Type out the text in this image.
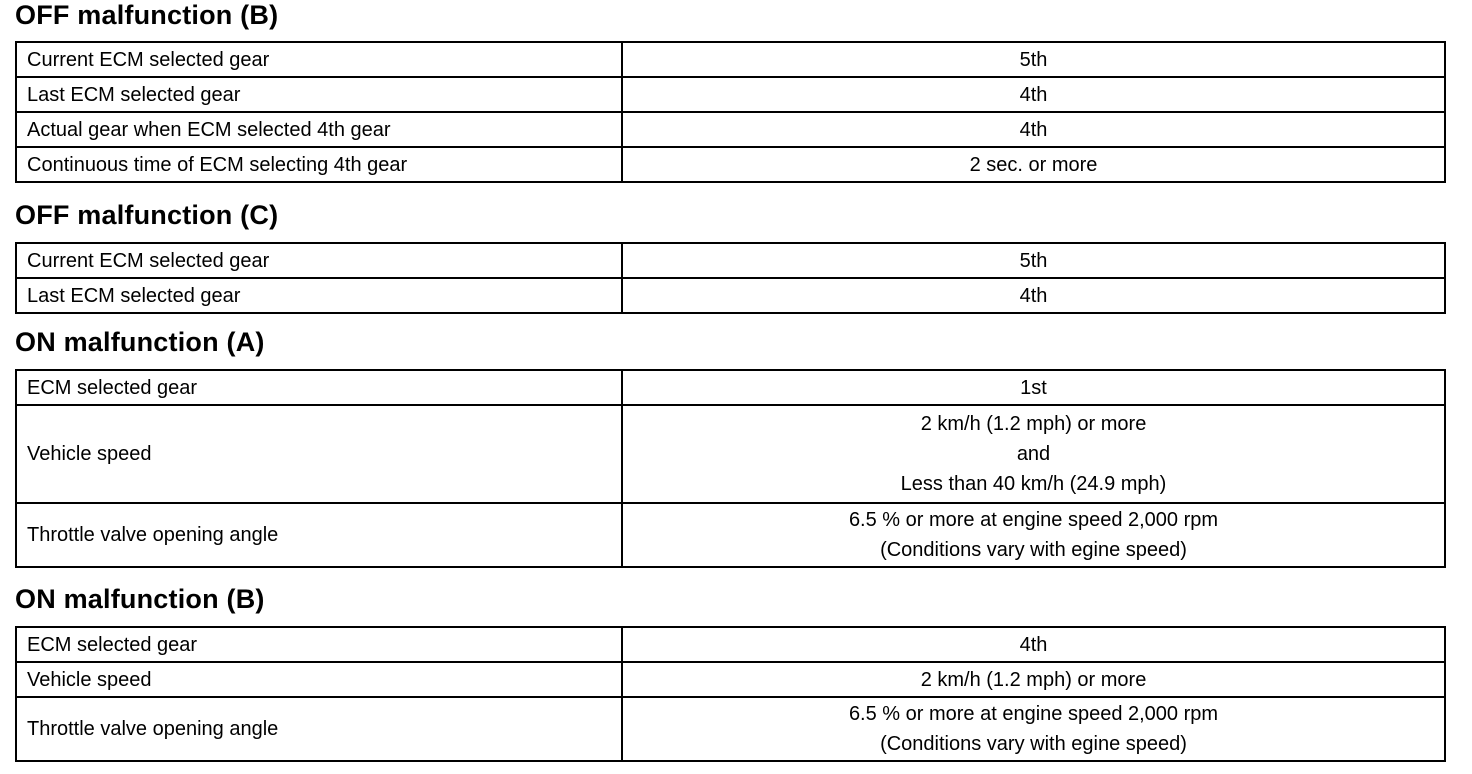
OFF malfunction (B)
Current ECM selected gear	5th

Last ECM selected gear	4th

Actual gear when ECM selected 4th gear	4th

Continuous time of ECM selecting 4th gear	2 sec. or more
OFF malfunction (C)
Current ECM selected gear	5th

Last ECM selected gear	4th
ON malfunction (A)
ECM selected gear	1st

Vehicle speed	2 km/h (1.2 mph) or more
and
Less than 40 km/h (24.9 mph)

Throttle valve opening angle	6.5 % or more at engine speed 2,000 rpm
(Conditions vary with egine speed)
ON malfunction (B)
ECM selected gear	4th

Vehicle speed	2 km/h (1.2 mph) or more

Throttle valve opening angle	6.5 % or more at engine speed 2,000 rpm
(Conditions vary with egine speed)
